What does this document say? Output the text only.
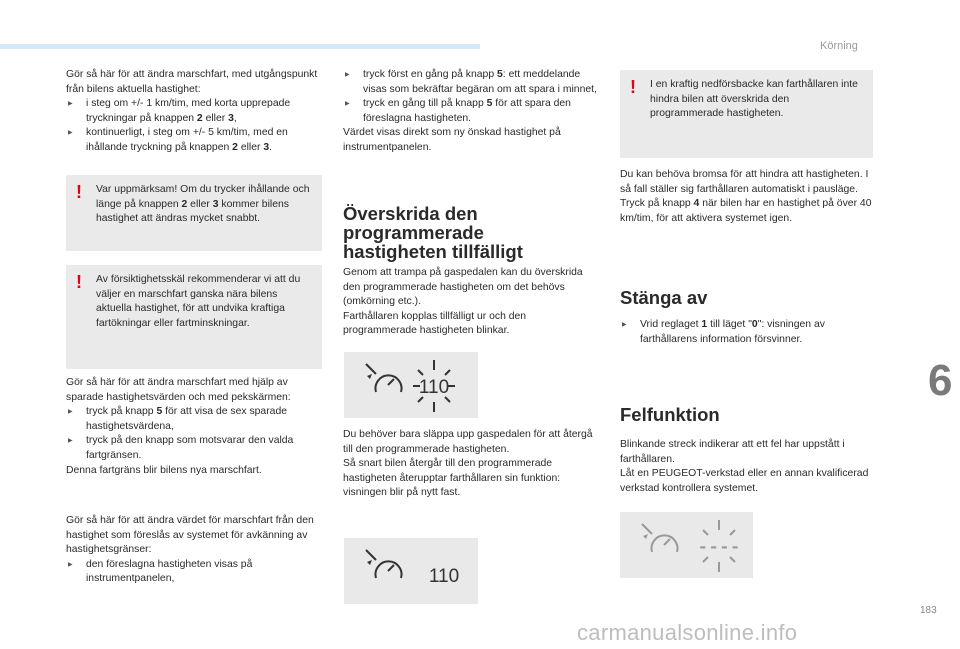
Körning
6

Gör så här för att ändra marschfart, med utgångspunkt från bilens aktuella hastighet:

▶ i steg om +/- 1 km/tim, med korta upprepade tryckningar på knappen 2 eller 3,

▶ kontinuerligt, i steg om +/- 5 km/tim, med en ihållande tryckning på knappen 2 eller 3.

! Var uppmärksam! Om du trycker ihållande och länge på knappen 2 eller 3 kommer bilens hastighet att ändras mycket snabbt.
! Av försiktighetsskäl rekommenderar vi att du väljer en marschfart ganska nära bilens aktuella hastighet, för att undvika kraftiga fartökningar eller fartminskningar.

Gör så här för att ändra marschfart med hjälp av sparade hastighetsvärden och med pekskärmen:

▶ tryck på knapp 5 för att visa de sex sparade hastighetsvärdena,

▶ tryck på den knapp som motsvarar den valda fartgränsen.

Denna fartgräns blir bilens nya marschfart.

Gör så här för att ändra värdet för marschfart från den hastighet som föreslås av systemet för avkänning av hastighetsgränser:

▶ den föreslagna hastigheten visas på instrumentpanelen,

▶ tryck först en gång på knapp 5: ett meddelande visas som bekräftar begäran om att spara i minnet,

▶ tryck en gång till på knapp 5 för att spara den föreslagna hastigheten.

Värdet visas direkt som ny önskad hastighet på instrumentpanelen.

Överskrida den programmerade hastigheten tillfälligt

Genom att trampa på gaspedalen kan du överskrida den programmerade hastigheten om det behövs (omkörning etc.).

Farthållaren kopplas tillfälligt ur och den programmerade hastigheten blinkar.

110

Du behöver bara släppa upp gaspedalen för att återgå till den programmerade hastigheten.

Så snart bilen återgår till den programmerade hastigheten återupptar farthållaren sin funktion: visningen blir på nytt fast.

110
! I en kraftig nedförsbacke kan farthållaren inte hindra bilen att överskrida den programmerade hastigheten.

Du kan behöva bromsa för att hindra att hastigheten. I så fall ställer sig farthållaren automatiskt i pausläge.

Tryck på knapp 4 när bilen har en hastighet på över 40 km/tim, för att aktivera systemet igen.

Stänga av

▶ Vrid reglaget 1 till läget "0": visningen av farthållarens information försvinner.

Felfunktion

Blinkande streck indikerar att ett fel har uppstått i farthållaren.

Låt en PEUGEOT-verkstad eller en annan kvalificerad verkstad kontrollera systemet.

----
183
carmanualsonline.info
